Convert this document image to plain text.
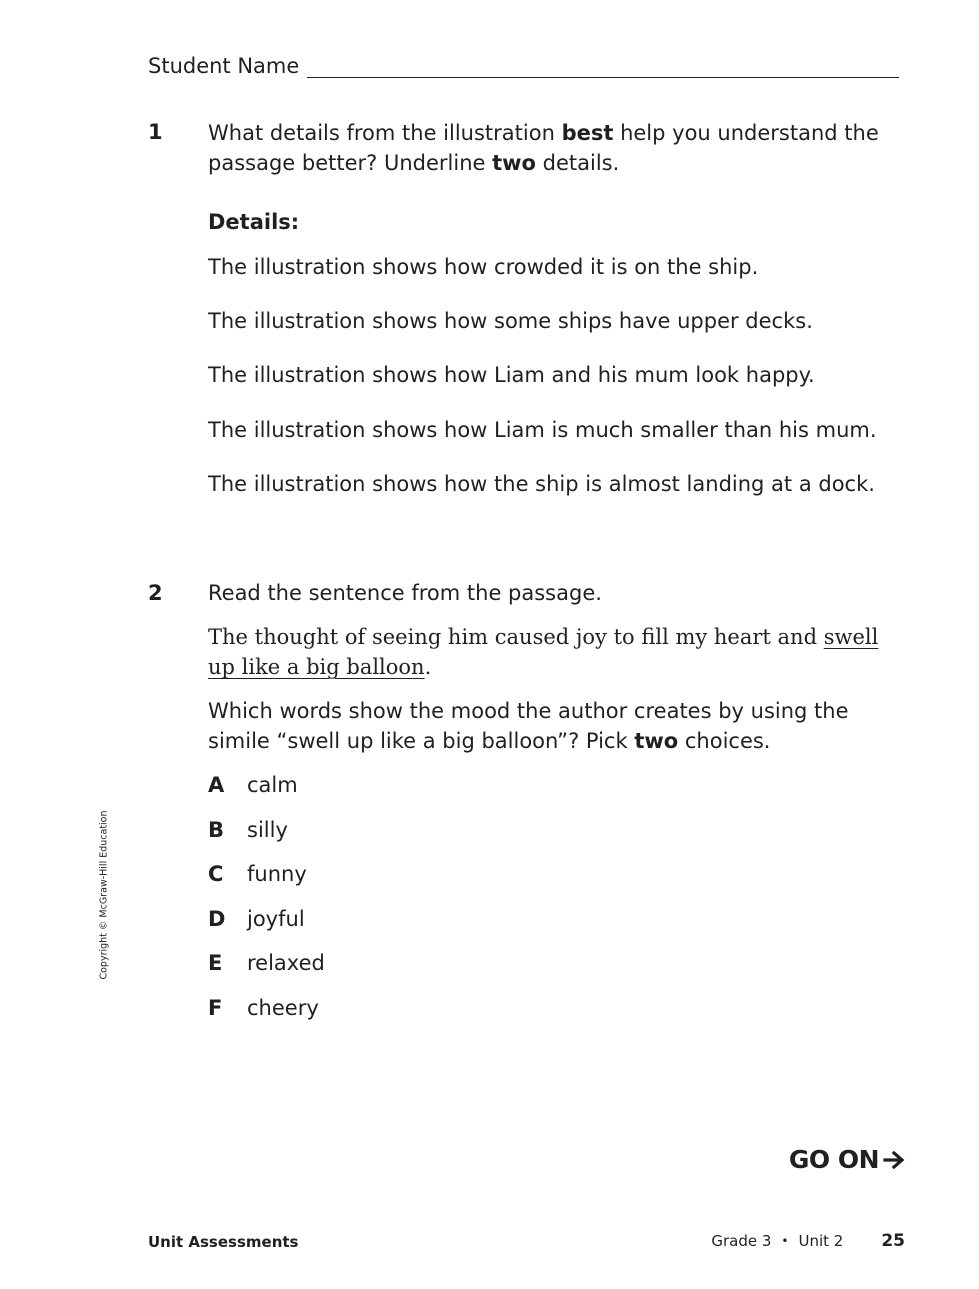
Student Name
1 What details from the illustration best help you understand the passage better? Underline two details.
Details:
The illustration shows how crowded it is on the ship.
The illustration shows how some ships have upper decks.
The illustration shows how Liam and his mum look happy.
The illustration shows how Liam is much smaller than his mum.
The illustration shows how the ship is almost landing at a dock.
2 Read the sentence from the passage.
The thought of seeing him caused joy to fill my heart and swell up like a big balloon.
Which words show the mood the author creates by using the simile “swell up like a big balloon”? Pick two choices.
A	calm
B	silly
C	funny
D	joyful
E	relaxed
F	cheery
Copyright © McGraw-Hill Education
GO ON
Unit Assessments	Grade 3 • Unit 2 25
